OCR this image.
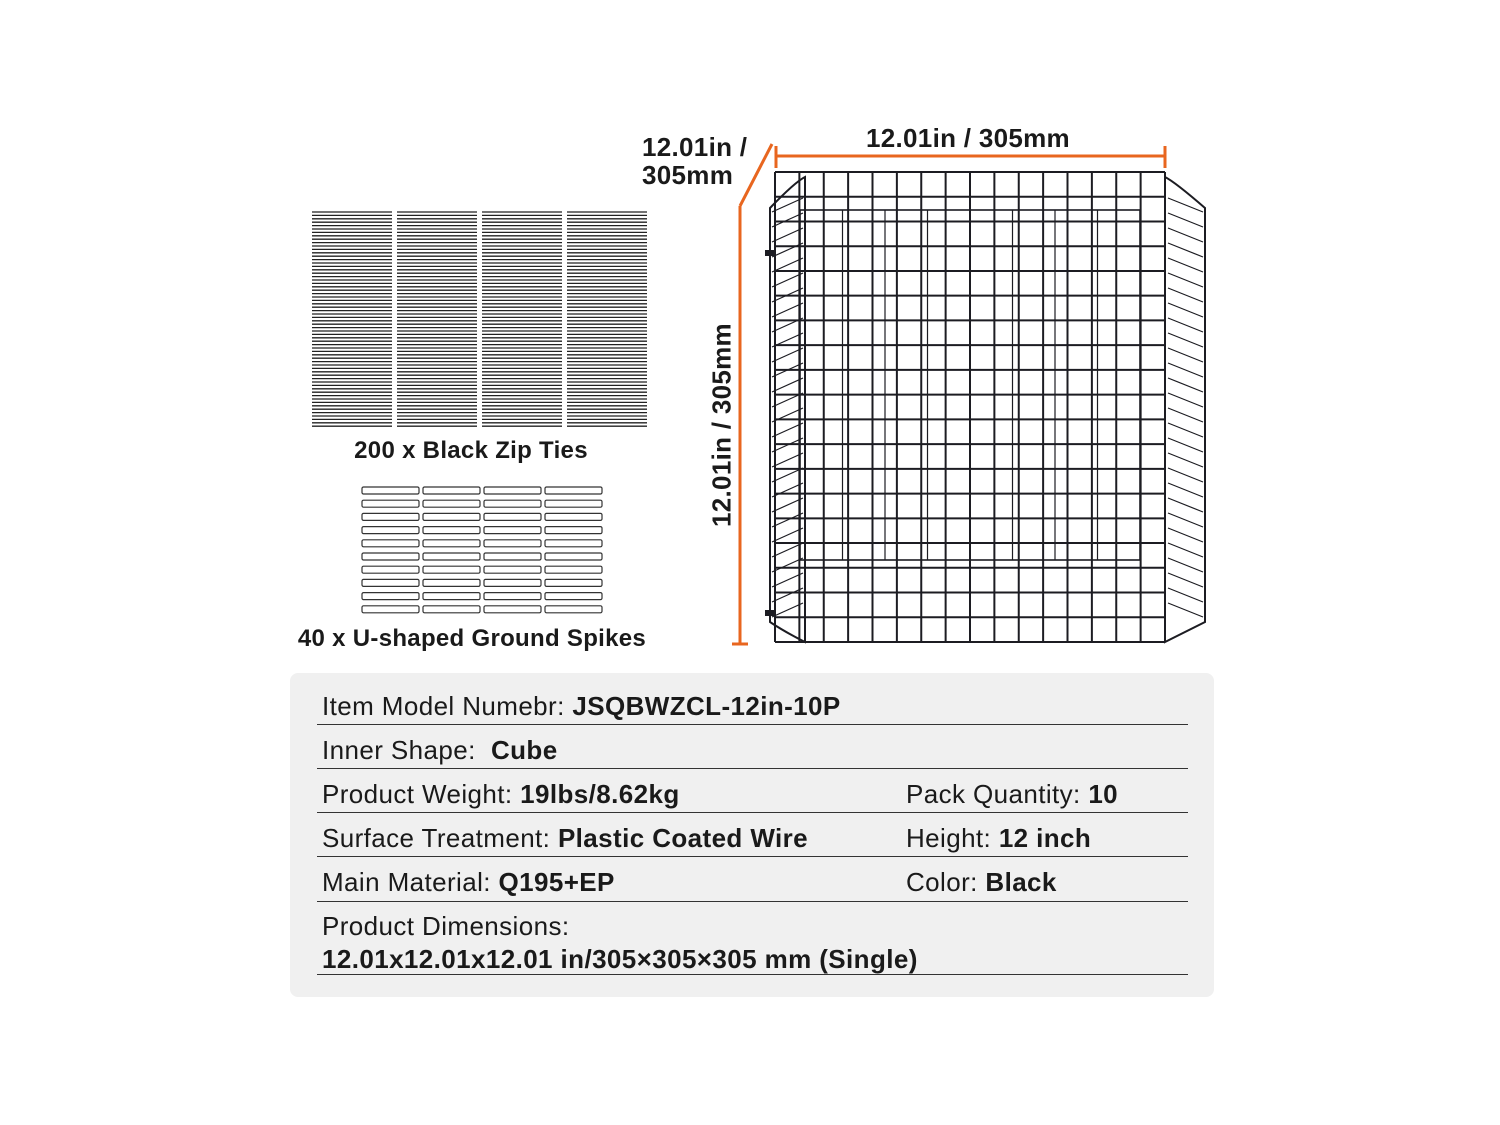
200 x Black Zip Ties
40 x U-shaped Ground Spikes
12.01in / 305mm
12.01in /
305mm
12.01in / 305mm
Item Model Numebr: JSQBWZCL-12in-10P
Inner Shape: Cube
Product Weight: 19lbs/8.62kg	Pack Quantity: 10
Surface Treatment: Plastic Coated Wire	Height: 12 inch
Main Material: Q195+EP	Color: Black
Product Dimensions:
12.01x12.01x12.01 in/305×305×305 mm (Single)
